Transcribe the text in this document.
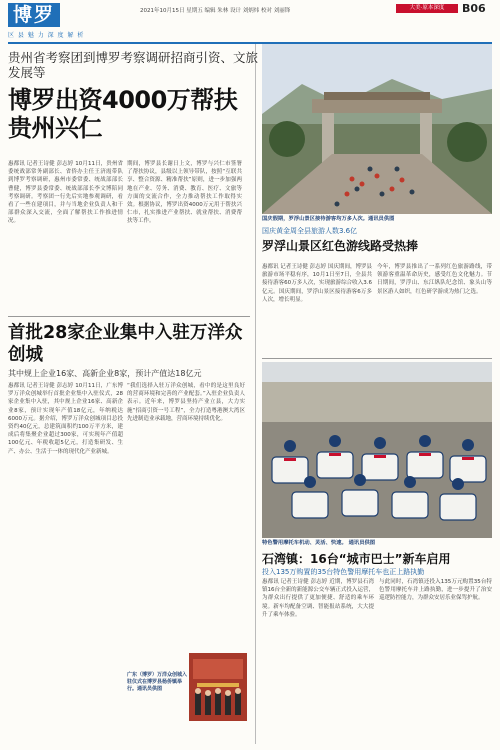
博罗
区 县 魅 力 深 度 解 析
2021年10月15日 星期五 编辑 朱林 设计 刘炳炜 校对 刘丽锋	大美·原本深度	B06
贵州省考察团到博罗考察调研招商引资、文旅发展等
博罗出资4000万帮扶贵州兴仁
惠都讯 记者王诗健 彭志婷 10月11日，贵州省委统战部常务副部长、省侨办主任王济霞带队到博罗考察调研，惠州市委常委、统战部部长曹健，博罗县委常委、统战部部长李文博陪同考察调研。考察团一行先后实地参观调研，看看了一些在建项目，并与当地企业负责人和干部群众深入交流，全面了解帮扶工作推进情况。
期间，博罗县长谢日上文，博罗与兴仁市签署了帮扶协议，县级以上领导带队，按照“互联共享、整合资源、精准帮扶”原则，进一步加强两地在产业、劳务、消费、教育、医疗、文旅等方面的交流合作，全力推动帮扶工作取得实效。根据协议，博罗出资4000万元用于帮扶兴仁市，扎实推进产业帮扶、就业帮扶、消费帮扶等工作。	国庆假期，罗浮山景区接待游客均万多人次。通讯员供图
国庆黄金周全县旅游人数3.6亿
罗浮山景区红色游线路受热捧
惠都讯 记者王诗健 彭志婷 国庆期间，博罗县旅游市场平稳有序，10月1日至7日，全县共接待游客60万多人次，实现旅游综合收入3.6亿元。国庆期间，罗浮山景区接待游客6万多人次，增长明显。
今年，博罗县推出了一系列红色旅游路线，带领游客重温革命历史，感受红色文化魅力。节日期间，罗浮山、东江纵队纪念馆、象头山等景区游人如织，红色研学游成为热门之选。
首批28家企业集中入驻万洋众创城
其中规上企业16家、高新企业8家，预计产值达18亿元
惠都讯 记者王诗健 彭志婷 10月11日，广东博罗万洋众创城举行首批企业集中入驻仪式，28家企业集中入驻，其中规上企业16家、高新企业8家，预计实现年产值18亿元，年纳税达6000万元。据介绍，博罗万洋众创城项目总投资约40亿元，总建筑面积约100万平方米，建成后将集聚企业超过300家，可实现年产值超100亿元、年税收超5亿元，打造集研发、生产、办公、生活于一体的现代化产业新城。
“我们选择入驻万洋众创城，看中的是这里良好的营商环境和完善的产业配套。”入驻企业负责人表示。近年来，博罗县坚持产业立县，大力实施“招商引资一号工程”，全力打造粤港澳大湾区先进制造业承载地，营商环境持续优化。
广东（博罗）万洋众创城入驻仪式在博罗县杨侨镇举行。通讯员供图
特色警用摩托车机动、灵活、快速。 通讯员供图
石湾镇：16台“城市巴士”新车启用
投入135万购置的35台特色警用摩托车也正上路执勤
惠都讯 记者王诗健 彭志婷 近期，博罗县石湾镇16台全新的新能源公交车辆正式投入运营，为群众出行提供了更加便捷、舒适的乘车环境。新车均配备空调、智能报站系统，大大提升了乘车体验。
与此同时，石湾镇还投入135万元购置35台特色警用摩托车并上路执勤，进一步提升了治安巡逻防控能力，为群众安居乐业保驾护航。
